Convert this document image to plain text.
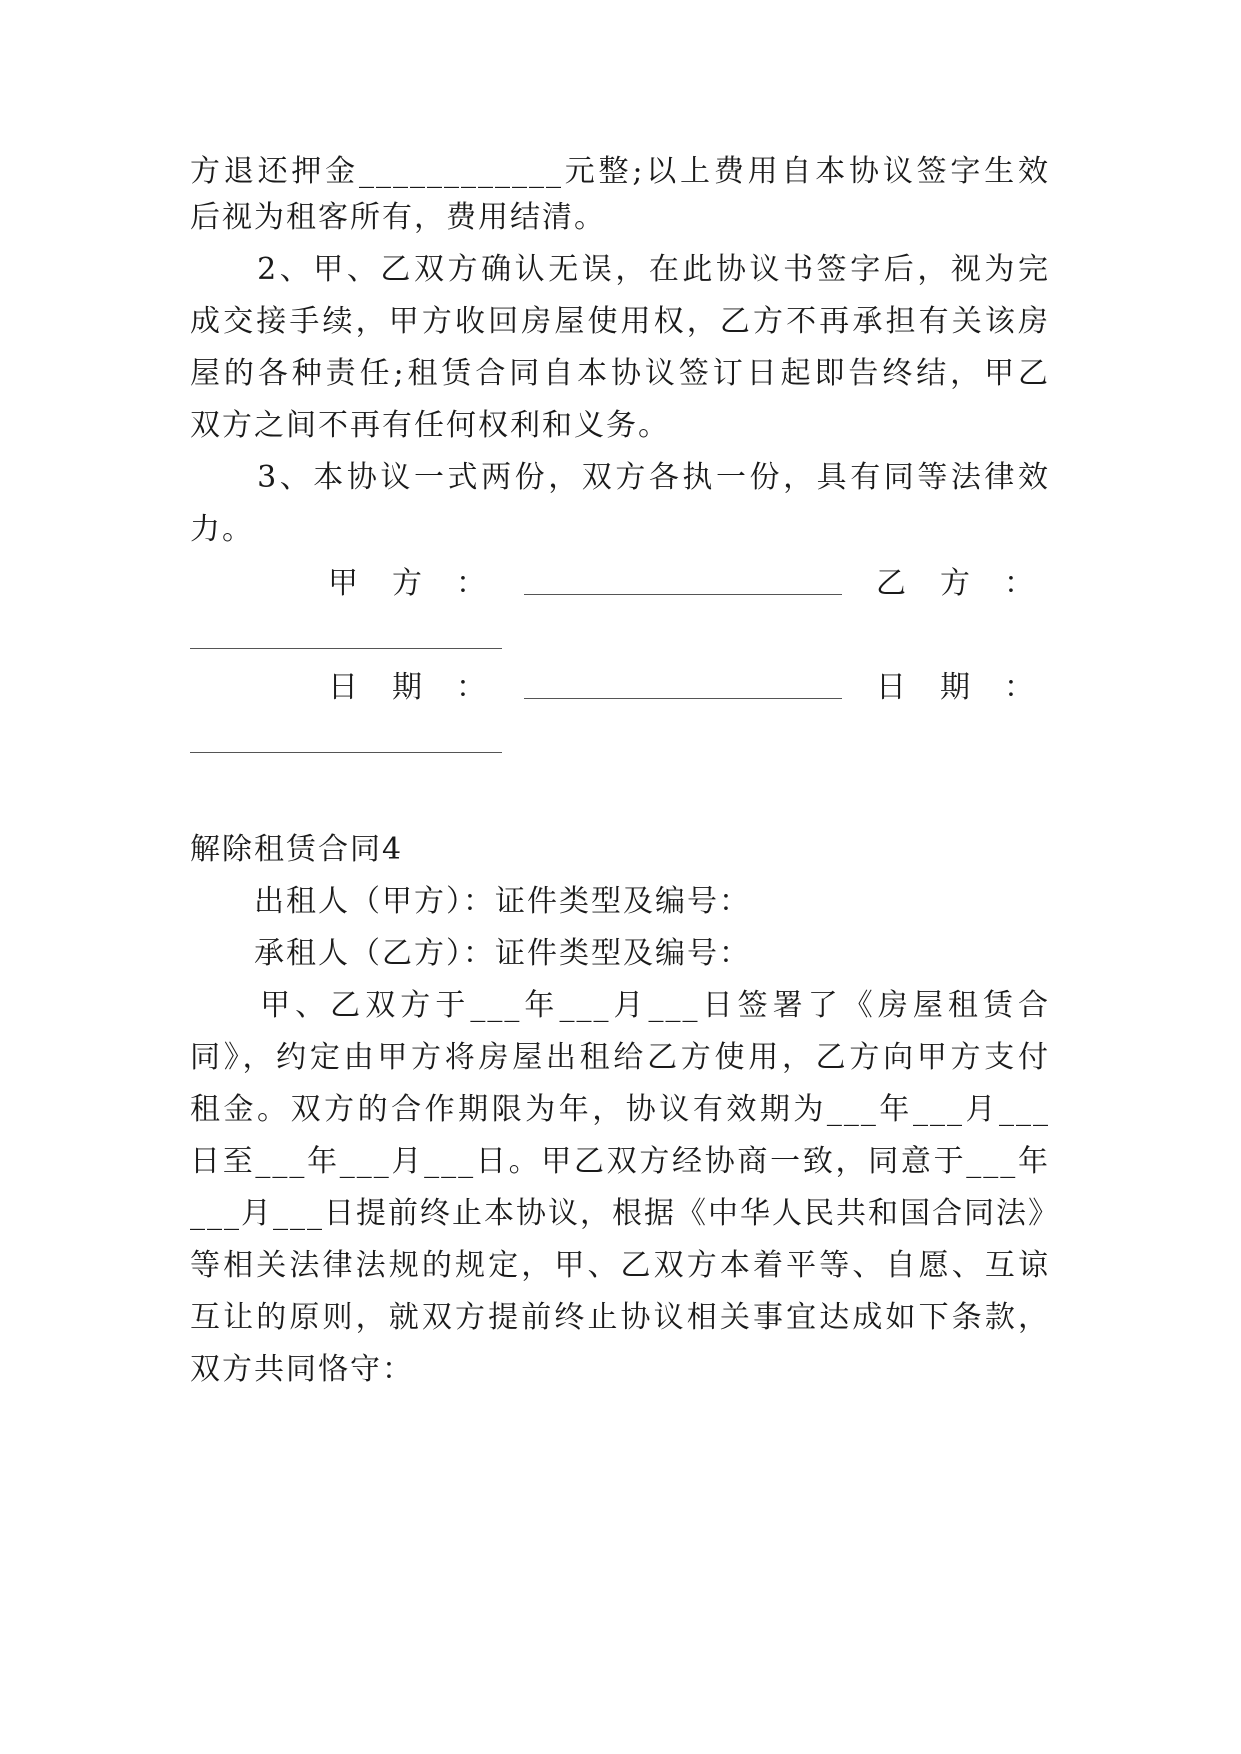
方退还押金____________元整;以上费用自本协议签字生效
后视为租客所有，费用结清。
　　2、甲、乙双方确认无误，在此协议书签字后，视为完
成交接手续，甲方收回房屋使用权，乙方不再承担有关该房
屋的各种责任;租赁合同自本协议签订日起即告终结，甲乙
双方之间不再有任何权利和义务。
　　3、本协议一式两份，双方各执一份，具有同等法律效
力。
甲 方 ：	乙 方 ：
日 期 ：	日 期 ：
解除租赁合同4
　　出租人（甲方）：证件类型及编号：
　　承租人（乙方）：证件类型及编号：
　　甲、乙双方于___年___月___日签署了《房屋租赁合
同》，约定由甲方将房屋出租给乙方使用，乙方向甲方支付
租金。双方的合作期限为年，协议有效期为___年___月___
日至___年___月___日。甲乙双方经协商一致，同意于___年
___月___日提前终止本协议，根据《中华人民共和国合同法》
等相关法律法规的规定，甲、乙双方本着平等、自愿、互谅
互让的原则，就双方提前终止协议相关事宜达成如下条款，
双方共同恪守：
